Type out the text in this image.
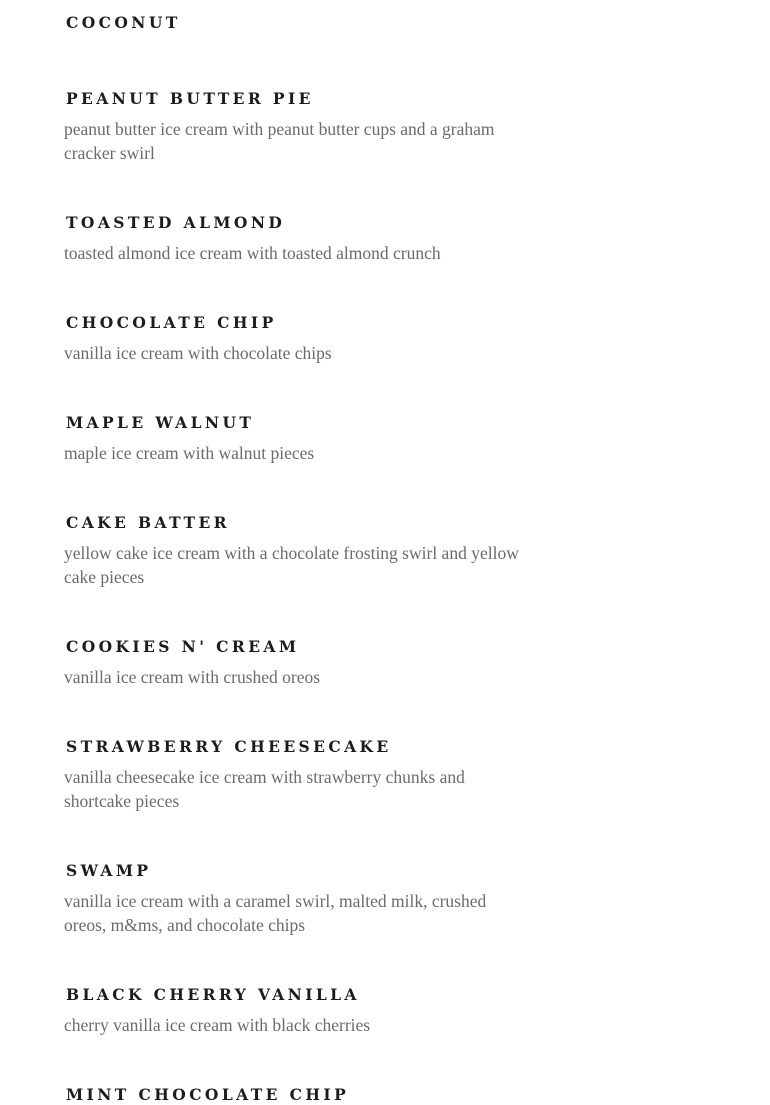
COCONUT
PEANUT BUTTER PIE
peanut butter ice cream with peanut butter cups and a graham cracker swirl
TOASTED ALMOND
toasted almond ice cream with toasted almond crunch
CHOCOLATE CHIP
vanilla ice cream with chocolate chips
MAPLE WALNUT
maple ice cream with walnut pieces
CAKE BATTER
yellow cake ice cream with a chocolate frosting swirl and yellow cake pieces
COOKIES N' CREAM
vanilla ice cream with crushed oreos
STRAWBERRY CHEESECAKE
vanilla cheesecake ice cream with strawberry chunks and shortcake pieces
SWAMP
vanilla ice cream with a caramel swirl, malted milk, crushed oreos, m&ms, and chocolate chips
BLACK CHERRY VANILLA
cherry vanilla ice cream with black cherries
MINT CHOCOLATE CHIP
